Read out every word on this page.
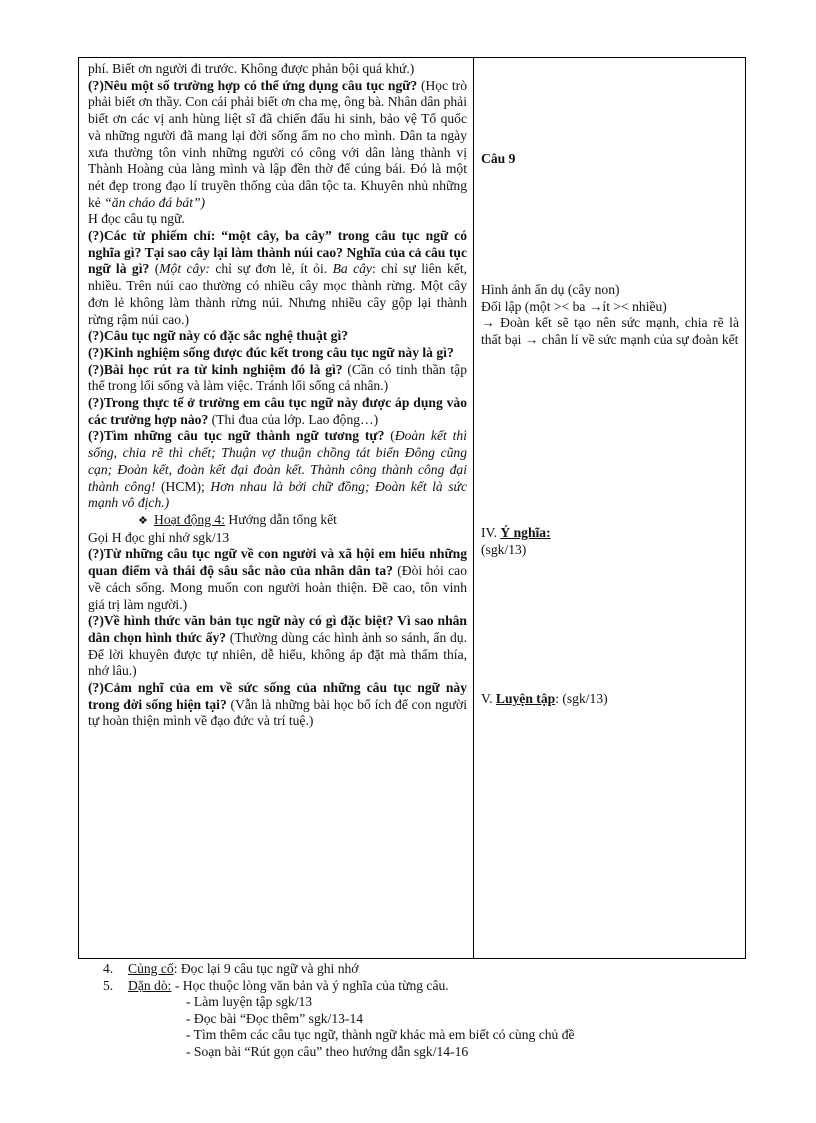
phí. Biết ơn người đi trước. Không được phản bội quá khứ.)

(?)Nêu một số trường hợp có thể ứng dụng câu tục ngữ? (Học trò phải biết ơn thầy. Con cái phải biết ơn cha mẹ, ông bà. Nhân dân phải biết ơn các vị anh hùng liệt sĩ đã chiến đấu hi sinh, bảo vệ Tổ quốc và những người đã mang lại đời sống ấm no cho mình. Dân ta ngày xưa thường tôn vinh những người có công với dân làng thành vị Thành Hoàng của làng mình và lập đền thờ để cúng bái. Đó là một nét đẹp trong đạo lí truyền thống của dân tộc ta. Khuyên nhủ những kẻ “ăn cháo đá bát”)

H đọc câu tụ ngữ.

(?)Các từ phiếm chỉ: “một cây, ba cây” trong câu tục ngữ có nghĩa gì? Tại sao cây lại làm thành núi cao? Nghĩa của cả câu tục ngữ là gì? (Một cây: chỉ sự đơn lẻ, ít ỏi. Ba cây: chỉ sự liên kết, nhiều. Trên núi cao thường có nhiều cây mọc thành rừng. Một cây đơn lẻ không làm thành rừng núi. Nhưng nhiều cây gộp lại thành rừng rậm núi cao.)

(?)Câu tục ngữ này có đặc sắc nghệ thuật gì?

(?)Kinh nghiệm sống được đúc kết trong câu tục ngữ này là gì?

(?)Bài học rút ra từ kinh nghiệm đó là gì? (Cần có tinh thần tập thể trong lối sống và làm việc. Tránh lối sống cá nhân.)

(?)Trong thực tế ở trường em câu tục ngữ này được áp dụng vào các trường hợp nào? (Thi đua của lớp. Lao động…)

(?)Tìm những câu tục ngữ thành ngữ tương tự? (Đoàn kết thì sống, chia rẽ thì chết; Thuận vợ thuận chồng tát biển Đông cũng cạn; Đoàn kết, đoàn kết đại đoàn kết. Thành công thành công đại thành công! (HCM); Hơn nhau là bởi chữ đồng; Đoàn kết là sức mạnh vô địch.)

❖ Hoạt động 4: Hướng dẫn tổng kết

Gọi H đọc ghi nhớ sgk/13

(?)Từ những câu tục ngữ về con người và xã hội em hiểu những quan điểm và thái độ sâu sắc nào của nhân dân ta? (Đòi hỏi cao về cách sống. Mong muốn con người hoàn thiện. Đề cao, tôn vinh giá trị làm người.)

(?)Về hình thức văn bản tục ngữ này có gì đặc biệt? Vì sao nhân dân chọn hình thức ấy? (Thường dùng các hình ảnh so sánh, ẩn dụ. Để lời khuyên được tự nhiên, dễ hiểu, không áp đặt mà thấm thía, nhớ lâu.)

(?)Cảm nghĩ của em về sức sống của những câu tục ngữ này trong đời sống hiện tại? (Vẫn là những bài học bổ ích để con người tự hoàn thiện mình về đạo đức và trí tuệ.)

Câu 9

Hình ảnh ẩn dụ (cây non)

Đối lập (một >< ba →ít >< nhiều)

→ Đoàn kết sẽ tạo nên sức mạnh, chia rẽ là thất bại → chân lí về sức mạnh của sự đoàn kết

IV. Ý nghĩa:

(sgk/13)

V. Luyện tập: (sgk/13)

4. Củng cố: Đọc lại 9 câu tục ngữ và ghi nhớ
5. Dặn dò: - Học thuộc lòng văn bản và ý nghĩa của từng câu.
- Làm luyện tập sgk/13
- Đọc bài “Đọc thêm” sgk/13-14
- Tìm thêm các câu tục ngữ, thành ngữ khác mà em biết có cùng chủ đề
- Soạn bài “Rút gọn câu” theo hướng dẫn sgk/14-16
